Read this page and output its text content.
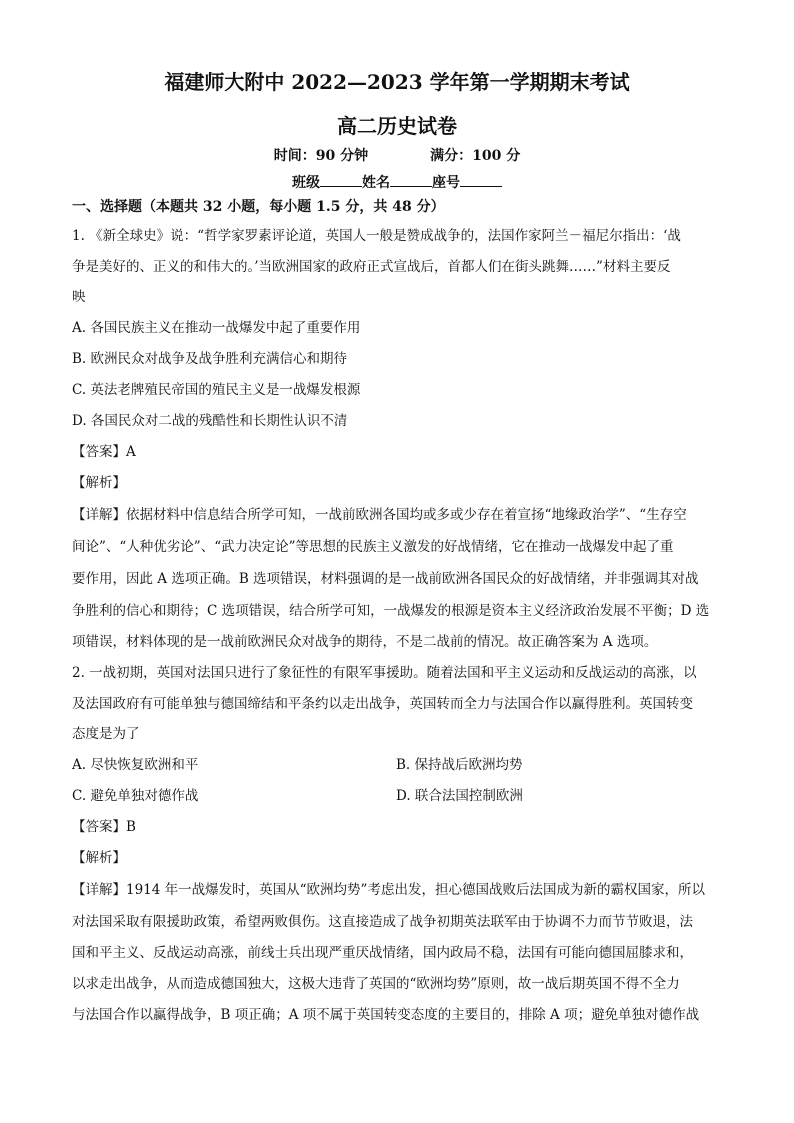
福建师大附中 2022—2023 学年第一学期期末考试
高二历史试卷
时间：90 分钟	满分：100 分
班级	姓名	座号
一、选择题（本题共 32 小题，每小题 1.5 分，共 48 分）
1. 《新全球史》说：“哲学家罗素评论道，英国人一般是赞成战争的，法国作家阿兰－福尼尔指出：‘战
争是美好的、正义的和伟大的。’当欧洲国家的政府正式宣战后，首都人们在街头跳舞……”材料主要反
映
A. 各国民族主义在推动一战爆发中起了重要作用
B. 欧洲民众对战争及战争胜利充满信心和期待
C. 英法老牌殖民帝国的殖民主义是一战爆发根源
D. 各国民众对二战的残酷性和长期性认识不清
【答案】A
【解析】
【详解】依据材料中信息结合所学可知，一战前欧洲各国均或多或少存在着宣扬“地缘政治学”、“生存空
间论”、“人种优劣论”、“武力决定论”等思想的民族主义激发的好战情绪，它在推动一战爆发中起了重
要作用，因此 A 选项正确。B 选项错误，材料强调的是一战前欧洲各国民众的好战情绪，并非强调其对战
争胜利的信心和期待；C 选项错误，结合所学可知，一战爆发的根源是资本主义经济政治发展不平衡；D 选
项错误，材料体现的是一战前欧洲民众对战争的期待，不是二战前的情况。故正确答案为 A 选项。
2. 一战初期，英国对法国只进行了象征性的有限军事援助。随着法国和平主义运动和反战运动的高涨，以
及法国政府有可能单独与德国缔结和平条约以走出战争，英国转而全力与法国合作以赢得胜利。英国转变
态度是为了
A. 尽快恢复欧洲和平	B. 保持战后欧洲均势
C. 避免单独对德作战	D. 联合法国控制欧洲
【答案】B
【解析】
【详解】1914 年一战爆发时，英国从“欧洲均势”考虑出发，担心德国战败后法国成为新的霸权国家，所以
对法国采取有限援助政策，希望两败俱伤。这直接造成了战争初期英法联军由于协调不力而节节败退，法
国和平主义、反战运动高涨，前线士兵出现严重厌战情绪，国内政局不稳，法国有可能向德国屈膝求和，
以求走出战争，从而造成德国独大，这极大违背了英国的“欧洲均势”原则，故一战后期英国不得不全力
与法国合作以赢得战争，B 项正确；A 项不属于英国转变态度的主要目的，排除 A 项；避免单独对德作战
